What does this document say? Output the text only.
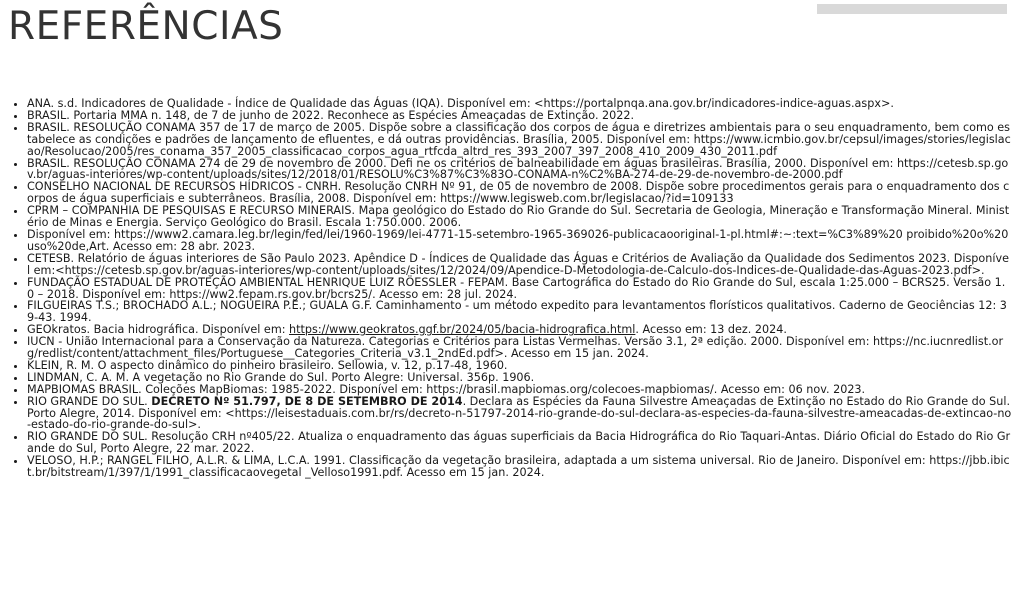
REFERÊNCIAS
• ANA. s.d. Indicadores de Qualidade - Índice de Qualidade das Águas (IQA). Disponível em: <https://portalpnqa.ana.gov.br/indicadores-indice-aguas.aspx>.
• BRASIL. Portaria MMA n. 148, de 7 de junho de 2022. Reconhece as Espécies Ameaçadas de Extinção. 2022.
• BRASIL. RESOLUÇÃO CONAMA 357 de 17 de março de 2005. Dispõe sobre a classificação dos corpos de água e diretrizes ambientais para o seu enquadramento, bem como estabelece as condições e padrões de lançamento de efluentes, e dá outras providências. Brasília, 2005. Disponível em: https://www.icmbio.gov.br/cepsul/images/stories/legislacao/Resolucao/2005/res_conama_357_2005_classificacao_corpos_agua_rtfcda_altrd_res_393_2007_397_2008_410_2009_430_2011.pdf
• BRASIL. RESOLUÇÃO CONAMA 274 de 29 de novembro de 2000. Defi ne os critérios de balneabilidade em águas brasileiras. Brasília, 2000. Disponível em: https://cetesb.sp.gov.br/aguas-interiores/wp-content/uploads/sites/12/2018/01/RESOLU%C3%87%C3%83O-CONAMA-n%C2%BA-274-de-29-de-novembro-de-2000.pdf
• CONSELHO NACIONAL DE RECURSOS HÍDRICOS - CNRH. Resolução CNRH Nº 91, de 05 de novembro de 2008. Dispõe sobre procedimentos gerais para o enquadramento dos corpos de água superficiais e subterrâneos. Brasília, 2008. Disponível em: https://www.legisweb.com.br/legislacao/?id=109133
• CPRM – COMPANHIA DE PESQUISAS E RECURSO MINERAIS. Mapa geológico do Estado do Rio Grande do Sul. Secretaria de Geologia, Mineração e Transformação Mineral. Ministério de Minas e Energia. Serviço Geológico do Brasil. Escala 1:750.000. 2006.
• Disponível em: https://www2.camara.leg.br/legin/fed/lei/1960-1969/lei-4771-15-setembro-1965-369026-publicacaooriginal-1-pl.html#:~:text=%C3%89%20 proibido%20o%20uso%20de,Art. Acesso em: 28 abr. 2023.
• CETESB. Relatório de águas interiores de São Paulo 2023. Apêndice D - Índices de Qualidade das Águas e Critérios de Avaliação da Qualidade dos Sedimentos 2023. Disponível em:<https://cetesb.sp.gov.br/aguas-interiores/wp-content/uploads/sites/12/2024/09/Apendice-D-Metodologia-de-Calculo-dos-Indices-de-Qualidade-das-Aguas-2023.pdf>.
• FUNDAÇÃO ESTADUAL DE PROTEÇÃO AMBIENTAL HENRIQUE LUIZ RÖESSLER - FEPAM. Base Cartográfica do Estado do Rio Grande do Sul, escala 1:25.000 – BCRS25. Versão 1.0 – 2018. Disponível em: https://ww2.fepam.rs.gov.br/bcrs25/. Acesso em: 28 jul. 2024.
• FILGUEIRAS T.S.; BROCHADO A.L.; NOGUEIRA P.E.; GUALA G.F. Caminhamento - um método expedito para levantamentos florísticos qualitativos. Caderno de Geociências 12: 39-43. 1994.
• GEOkratos. Bacia hidrográfica. Disponível em: https://www.geokratos.ggf.br/2024/05/bacia-hidrografica.html. Acesso em: 13 dez. 2024.
• IUCN - União Internacional para a Conservação da Natureza. Categorias e Critérios para Listas Vermelhas. Versão 3.1, 2ª edição. 2000. Disponível em: https://nc.iucnredlist.org/redlist/content/attachment_files/Portuguese__Categories_Criteria_v3.1_2ndEd.pdf>. Acesso em 15 jan. 2024.
• KLEIN, R. M. O aspecto dinâmico do pinheiro brasileiro. Sellowia, v. 12, p.17-48, 1960.
• LINDMAN, C. A. M. A vegetação no Rio Grande do Sul. Porto Alegre: Universal. 356p. 1906.
• MAPBIOMAS BRASIL. Coleções MapBiomas: 1985-2022. Disponível em: https://brasil.mapbiomas.org/colecoes-mapbiomas/. Acesso em: 06 nov. 2023.
• RIO GRANDE DO SUL. DECRETO Nº 51.797, DE 8 DE SETEMBRO DE 2014. Declara as Espécies da Fauna Silvestre Ameaçadas de Extinção no Estado do Rio Grande do Sul. Porto Alegre, 2014. Disponível em: <https://leisestaduais.com.br/rs/decreto-n-51797-2014-rio-grande-do-sul-declara-as-especies-da-fauna-silvestre-ameacadas-de-extincao-no-estado-do-rio-grande-do-sul>.
• RIO GRANDE DO SUL. Resolução CRH nº405/22. Atualiza o enquadramento das águas superficiais da Bacia Hidrográfica do Rio Taquari-Antas. Diário Oficial do Estado do Rio Grande do Sul, Porto Alegre, 22 mar. 2022.
• VELOSO, H.P.; RANGEL FILHO, A.L.R. & LIMA, L.C.A. 1991. Classificação da vegetação brasileira, adaptada a um sistema universal. Rio de Janeiro. Disponível em: https://jbb.ibict.br/bitstream/1/397/1/1991_classificacaovegetal _Velloso1991.pdf. Acesso em 15 jan. 2024.
